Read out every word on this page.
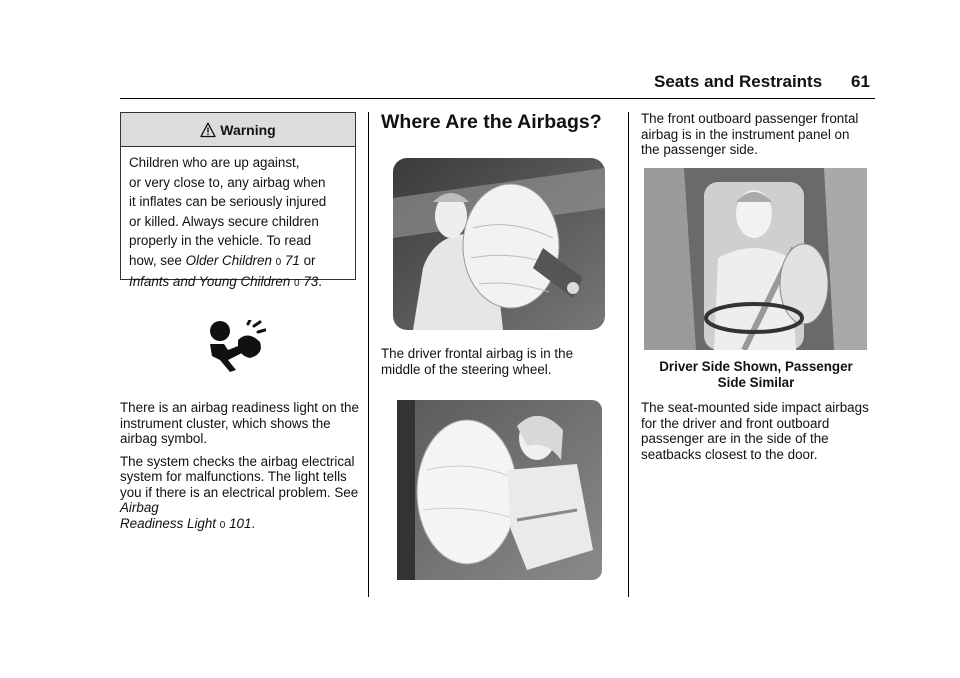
Seats and Restraints 61
Warning

Children who are up against,

or very close to, any airbag when

it inflates can be seriously injured

or killed. Always secure children

properly in the vehicle. To read

how, see Older Children 0 71 or

Infants and Young Children 0 73.

There is an airbag readiness light on the instrument cluster, which shows the airbag symbol.

The system checks the airbag electrical system for malfunctions. The light tells you if there is an electrical problem. See Airbag
Readiness Light 0 101.

Where Are the Airbags?

The driver frontal airbag is in the middle of the steering wheel.

The front outboard passenger frontal airbag is in the instrument panel on the passenger side.

Driver Side Shown, Passenger
Side Similar

The seat-mounted side impact airbags for the driver and front outboard passenger are in the side of the seatbacks closest to the door.
